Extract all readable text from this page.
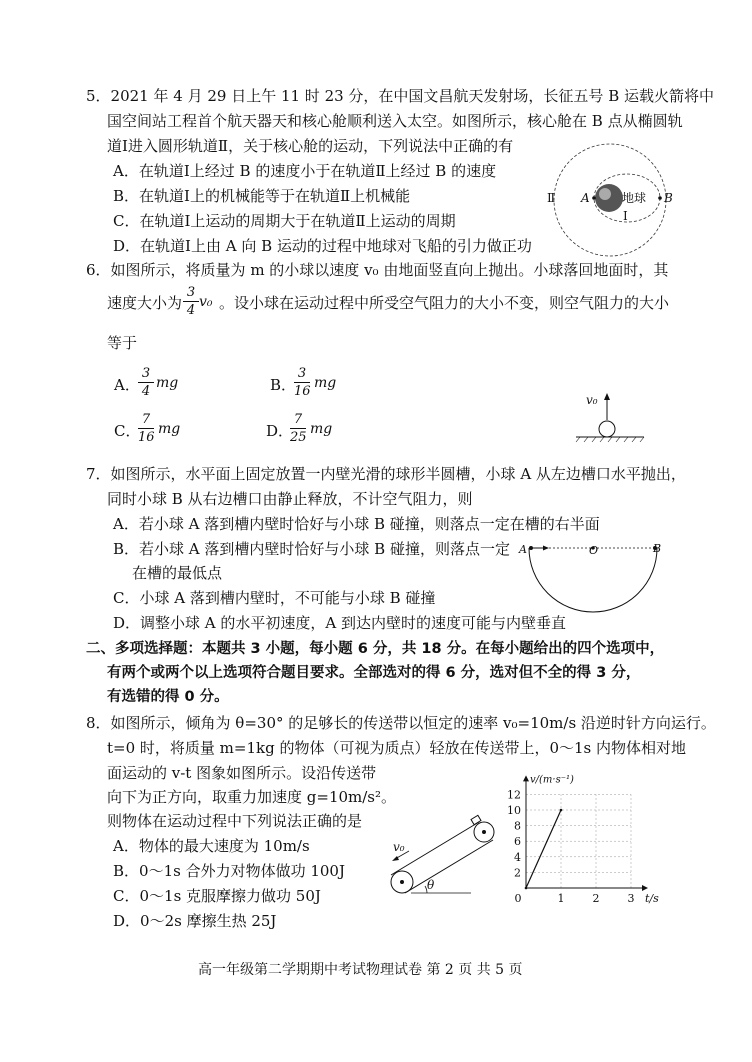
5．2021 年 4 月 29 日上午 11 时 23 分，在中国文昌航天发射场，长征五号 B 运载火箭将中
国空间站工程首个航天器天和核心舱顺利送入太空。如图所示，核心舱在 B 点从椭圆轨
道Ⅰ进入圆形轨道Ⅱ，关于核心舱的运动，下列说法中正确的有
A．在轨道Ⅰ上经过 B 的速度小于在轨道Ⅱ上经过 B 的速度
B．在轨道Ⅰ上的机械能等于在轨道Ⅱ上机械能
C．在轨道Ⅰ上运动的周期大于在轨道Ⅱ上运动的周期
D．在轨道Ⅰ上由 A 向 B 运动的过程中地球对飞船的引力做正功
Ⅱ A	地球 B
Ⅰ
6．如图所示，将质量为 m 的小球以速度 v₀ 由地面竖直向上抛出。小球落回地面时，其
速度大小为
3
4
v₀ 。设小球在运动过程中所受空气阻力的大小不变，则空气阻力的大小
等于
A．
3
4
mg	B．
3
16
mg
C．
7
16
mg	D．
7
25
mg
v₀
7．如图所示，水平面上固定放置一内壁光滑的球形半圆槽，小球 A 从左边槽口水平抛出，
同时小球 B 从右边槽口由静止释放，不计空气阻力，则
A．若小球 A 落到槽内壁时恰好与小球 B 碰撞，则落点一定在槽的右半面
B．若小球 A 落到槽内壁时恰好与小球 B 碰撞，则落点一定
在槽的最低点
C．小球 A 落到槽内壁时，不可能与小球 B 碰撞
D．调整小球 A 的水平初速度，A 到达内壁时的速度可能与内壁垂直
A	O	B
二、多项选择题：本题共 3 小题，每小题 6 分，共 18 分。在每小题给出的四个选项中，
有两个或两个以上选项符合题目要求。全部选对的得 6 分，选对但不全的得 3 分，
有选错的得 0 分。
8．如图所示，倾角为 θ=30° 的足够长的传送带以恒定的速率 v₀=10m/s 沿逆时针方向运行。
t=0 时，将质量 m=1kg 的物体（可视为质点）轻放在传送带上，0～1s 内物体相对地
面运动的 v-t 图象如图所示。设沿传送带
向下为正方向，取重力加速度 g=10m/s²。
则物体在运动过程中下列说法正确的是
A．物体的最大速度为 10m/s
B．0～1s 合外力对物体做功 100J
C．0～1s 克服摩擦力做功 50J
D．0～2s 摩擦生热 25J
v₀
θ
2
4
6
8
10
12
1	2	3
0
v/(m·s⁻¹)
t/s
高一年级第二学期期中考试物理试卷 第 2 页 共 5 页
